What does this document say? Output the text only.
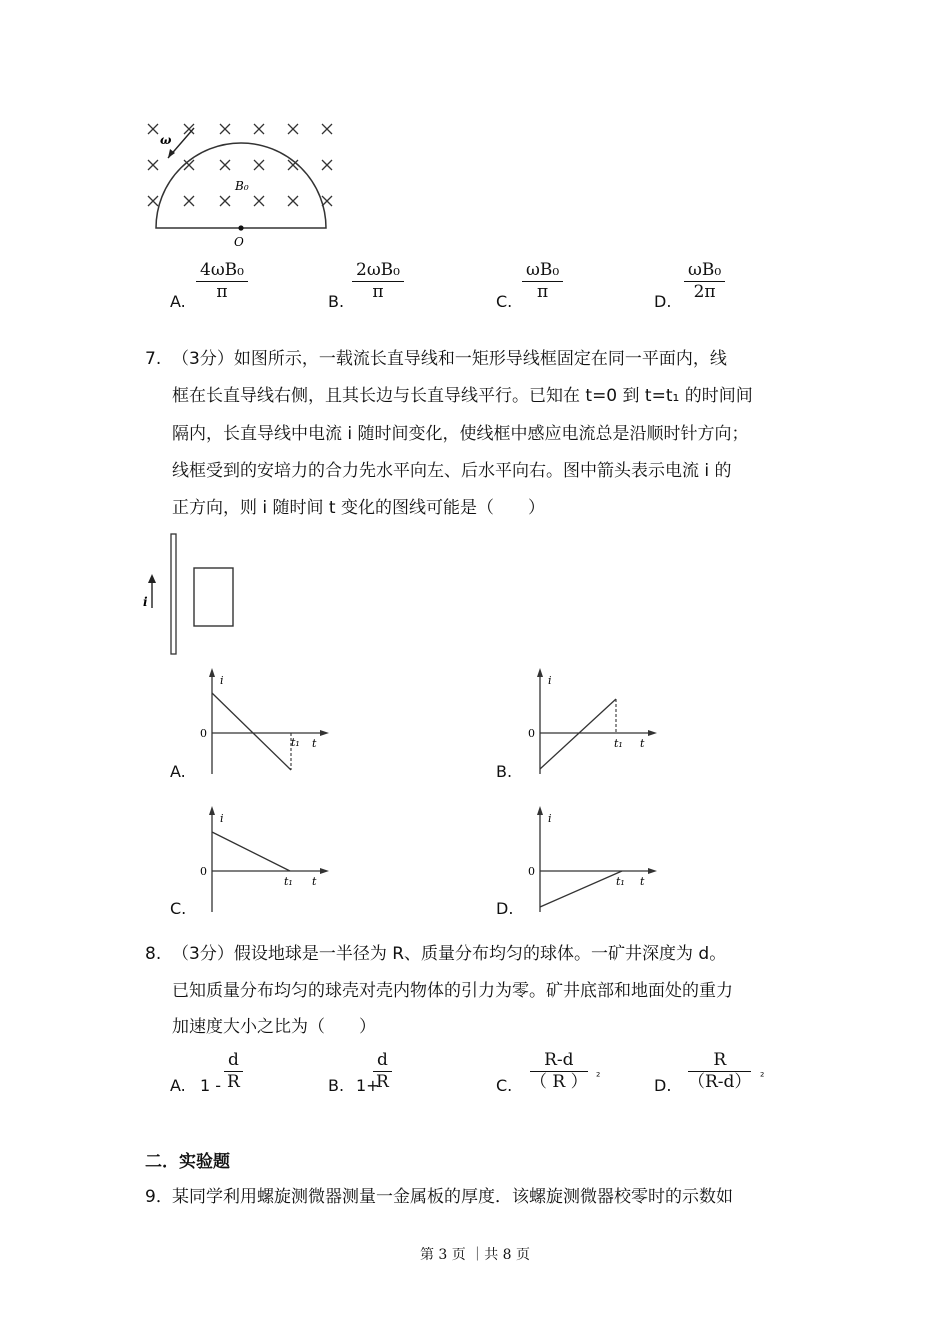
ω
B₀
O
A. $\frac{\text{4ωB₀}}{\pi}$	B. $\frac{\text{2ωB₀}}{\pi}$	C. $\frac{\text{ωB₀}}{\pi}$	D. $\frac{\text{ωB₀}}{2\pi}$
7. （3分）如图所示，一载流长直导线和一矩形导线框固定在同一平面内，线
框在长直导线右侧，且其长边与长直导线平行。已知在 t=0 到 t=t₁ 的时间间
隔内，长直导线中电流 i 随时间变化，使线框中感应电流总是沿顺时针方向；
线框受到的安培力的合力先水平向左、后水平向右。图中箭头表示电流 i 的
正方向，则 i 随时间 t 变化的图线可能是（　　）
i
i
0
t
t₁
A.
i
0
t
t₁
B.
i
0
t
t₁
C.
i
0
t
t₁
D.
8. （3分）假设地球是一半径为 R、质量分布均匀的球体。一矿井深度为 d。
已知质量分布均匀的球壳对壳内物体的引力为零。矿井底部和地面处的重力
加速度大小之比为（　　）
A. $1 - \frac{d}{R}$	B. 1+
$\frac{d}{R}$	C. $\frac{R-d}{( R )} ^2$	D. $\frac{R}{(R-d)} ^2$
二．实验题
9． 某同学利用螺旋测微器测量一金属板的厚度．该螺旋测微器校零时的示数如
第 3 页 ｜共 8 页
